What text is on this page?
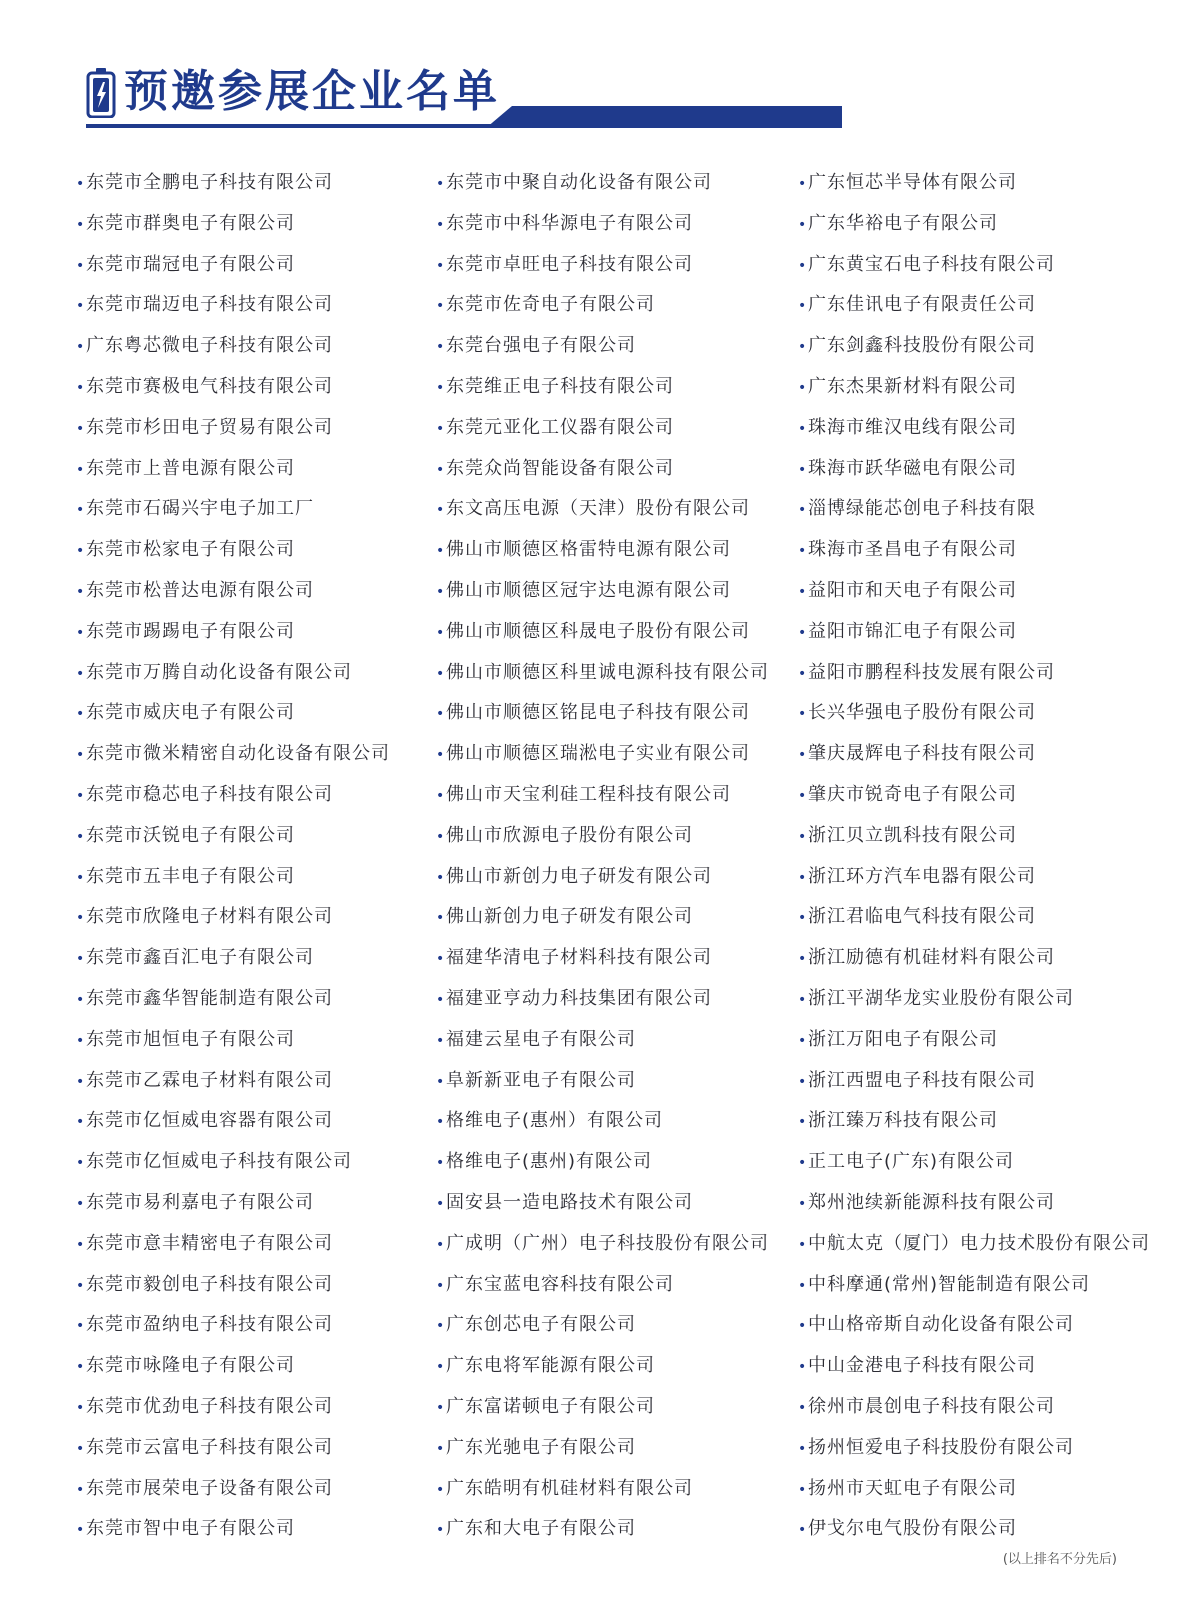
预邀参展企业名单
•东莞市全鹏电子科技有限公司
•东莞市群奥电子有限公司
•东莞市瑞冠电子有限公司
•东莞市瑞迈电子科技有限公司
•广东粤芯微电子科技有限公司
•东莞市赛极电气科技有限公司
•东莞市杉田电子贸易有限公司
•东莞市上普电源有限公司
•东莞市石碣兴宇电子加工厂
•东莞市松家电子有限公司
•东莞市松普达电源有限公司
•东莞市踢踢电子有限公司
•东莞市万腾自动化设备有限公司
•东莞市威庆电子有限公司
•东莞市微米精密自动化设备有限公司
•东莞市稳芯电子科技有限公司
•东莞市沃锐电子有限公司
•东莞市五丰电子有限公司
•东莞市欣隆电子材料有限公司
•东莞市鑫百汇电子有限公司
•东莞市鑫华智能制造有限公司
•东莞市旭恒电子有限公司
•东莞市乙霖电子材料有限公司
•东莞市亿恒威电容器有限公司
•东莞市亿恒威电子科技有限公司
•东莞市易利嘉电子有限公司
•东莞市意丰精密电子有限公司
•东莞市毅创电子科技有限公司
•东莞市盈纳电子科技有限公司
•东莞市咏隆电子有限公司
•东莞市优劲电子科技有限公司
•东莞市云富电子科技有限公司
•东莞市展荣电子设备有限公司
•东莞市智中电子有限公司
•东莞市中聚自动化设备有限公司
•东莞市中科华源电子有限公司
•东莞市卓旺电子科技有限公司
•东莞市佐奇电子有限公司
•东莞台强电子有限公司
•东莞维正电子科技有限公司
•东莞元亚化工仪器有限公司
•东莞众尚智能设备有限公司
•东文高压电源（天津）股份有限公司
•佛山市顺德区格雷特电源有限公司
•佛山市顺德区冠宇达电源有限公司
•佛山市顺德区科晟电子股份有限公司
•佛山市顺德区科里诚电源科技有限公司
•佛山市顺德区铭昆电子科技有限公司
•佛山市顺德区瑞淞电子实业有限公司
•佛山市天宝利硅工程科技有限公司
•佛山市欣源电子股份有限公司
•佛山市新创力电子研发有限公司
•佛山新创力电子研发有限公司
•福建华清电子材料科技有限公司
•福建亚亨动力科技集团有限公司
•福建云星电子有限公司
•阜新新亚电子有限公司
•格维电子(惠州）有限公司
•格维电子(惠州)有限公司
•固安县一造电路技术有限公司
•广成明（广州）电子科技股份有限公司
•广东宝蓝电容科技有限公司
•广东创芯电子有限公司
•广东电将军能源有限公司
•广东富诺顿电子有限公司
•广东光驰电子有限公司
•广东皓明有机硅材料有限公司
•广东和大电子有限公司
•广东恒芯半导体有限公司
•广东华裕电子有限公司
•广东黄宝石电子科技有限公司
•广东佳讯电子有限责任公司
•广东剑鑫科技股份有限公司
•广东杰果新材料有限公司
•珠海市维汉电线有限公司
•珠海市跃华磁电有限公司
•淄博绿能芯创电子科技有限
•珠海市圣昌电子有限公司
•益阳市和天电子有限公司
•益阳市锦汇电子有限公司
•益阳市鹏程科技发展有限公司
•长兴华强电子股份有限公司
•肇庆晟辉电子科技有限公司
•肇庆市锐奇电子有限公司
•浙江贝立凯科技有限公司
•浙江环方汽车电器有限公司
•浙江君临电气科技有限公司
•浙江励德有机硅材料有限公司
•浙江平湖华龙实业股份有限公司
•浙江万阳电子有限公司
•浙江西盟电子科技有限公司
•浙江臻万科技有限公司
•正工电子(广东)有限公司
•郑州池续新能源科技有限公司
•中航太克（厦门）电力技术股份有限公司
•中科摩通(常州)智能制造有限公司
•中山格帝斯自动化设备有限公司
•中山金港电子科技有限公司
•徐州市晨创电子科技有限公司
•扬州恒爱电子科技股份有限公司
•扬州市天虹电子有限公司
•伊戈尔电气股份有限公司
(以上排名不分先后)
